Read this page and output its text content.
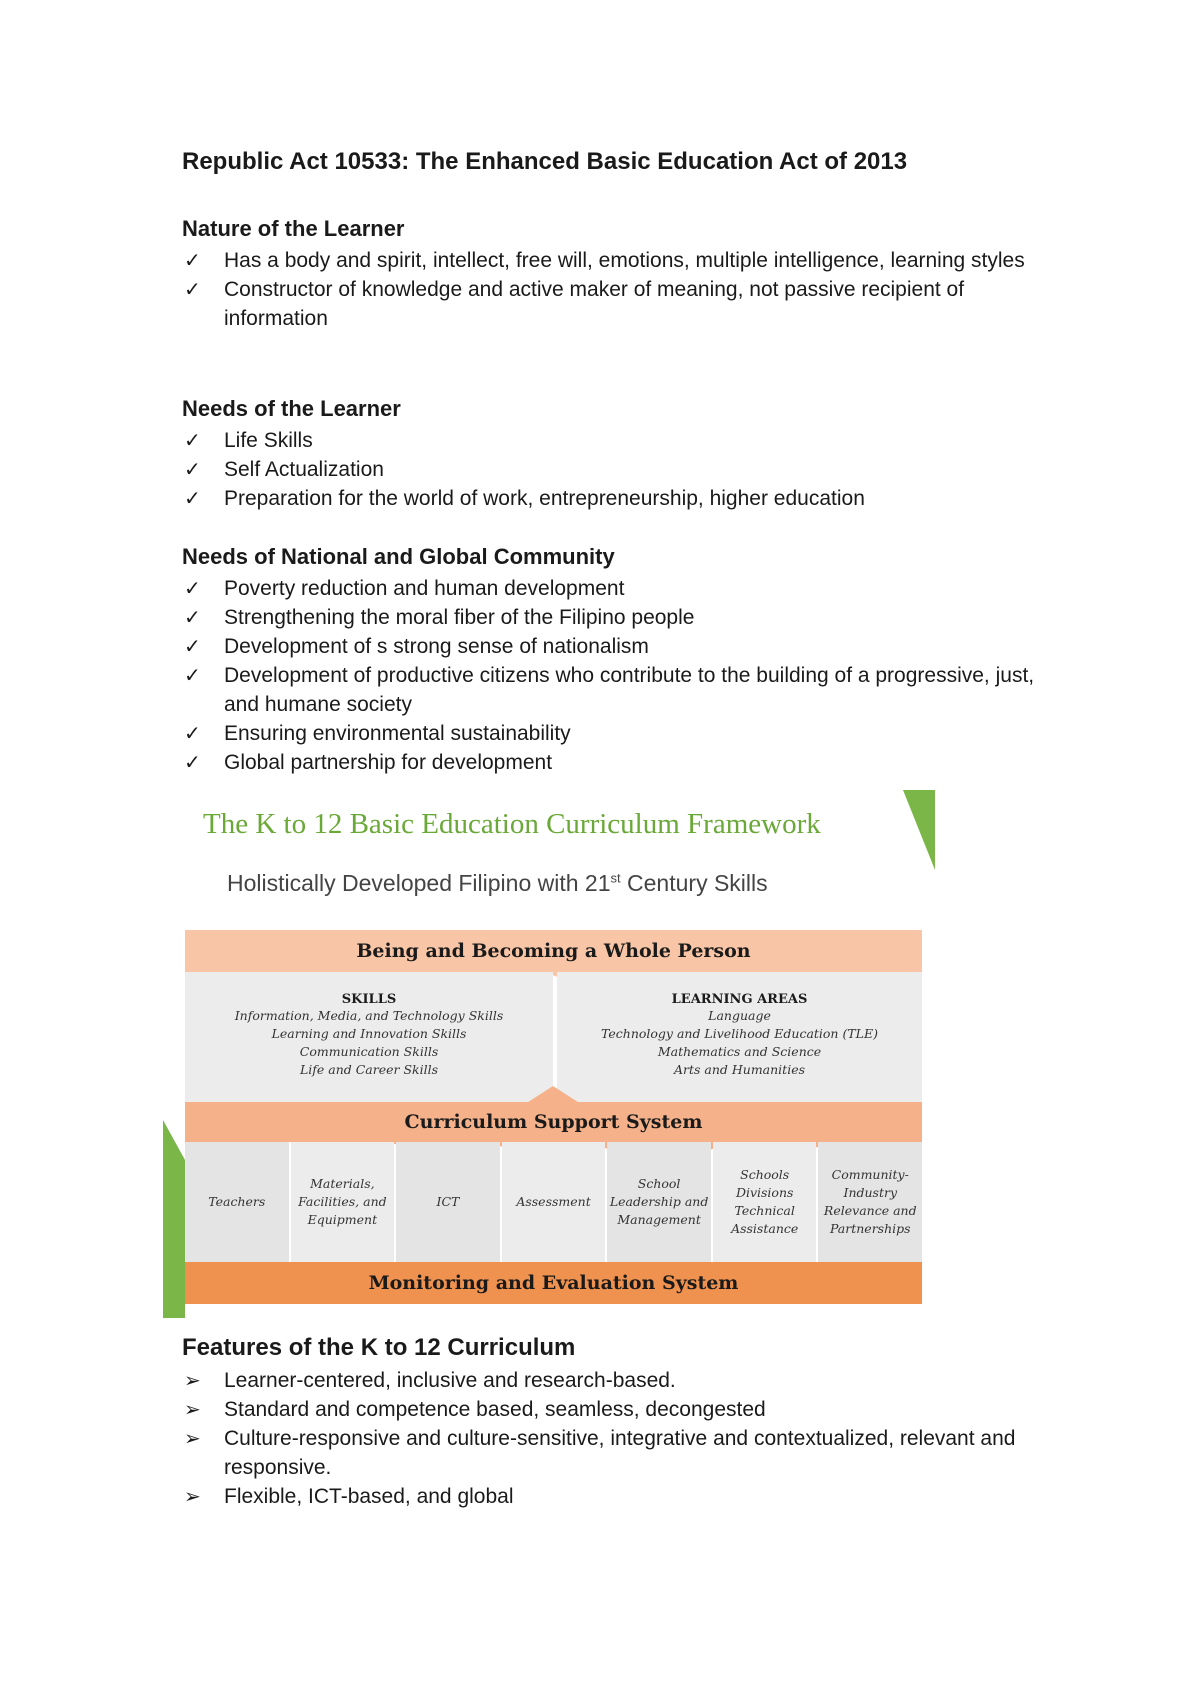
Republic Act 10533: The Enhanced Basic Education Act of 2013
Nature of the Learner
✓ Has a body and spirit, intellect, free will, emotions, multiple intelligence, learning styles
✓ Constructor of knowledge and active maker of meaning, not passive recipient of information
Needs of the Learner
✓ Life Skills
✓ Self Actualization
✓ Preparation for the world of work, entrepreneurship, higher education
Needs of National and Global Community
✓ Poverty reduction and human development
✓ Strengthening the moral fiber of the Filipino people
✓ Development of s strong sense of nationalism
✓ Development of productive citizens who contribute to the building of a progressive, just, and humane society
✓ Ensuring environmental sustainability
✓ Global partnership for development
The K to 12 Basic Education Curriculum Framework
Holistically Developed Filipino with 21st Century Skills
Being and Becoming a Whole Person
SKILLS
Information, Media, and Technology Skills
Learning and Innovation Skills
Communication Skills
Life and Career Skills
LEARNING AREAS
Language
Technology and Livelihood Education (TLE)
Mathematics and Science
Arts and Humanities
Curriculum Support System
Teachers
Materials, Facilities, and Equipment
ICT	Assessment
School Leadership and Management
Schools Divisions Technical Assistance
Community-Industry Relevance and Partnerships
Monitoring and Evaluation System
Features of the K to 12 Curriculum
➢ Learner-centered, inclusive and research-based.
➢ Standard and competence based, seamless, decongested
➢ Culture-responsive and culture-sensitive, integrative and contextualized, relevant and responsive.
➢ Flexible, ICT-based, and global
